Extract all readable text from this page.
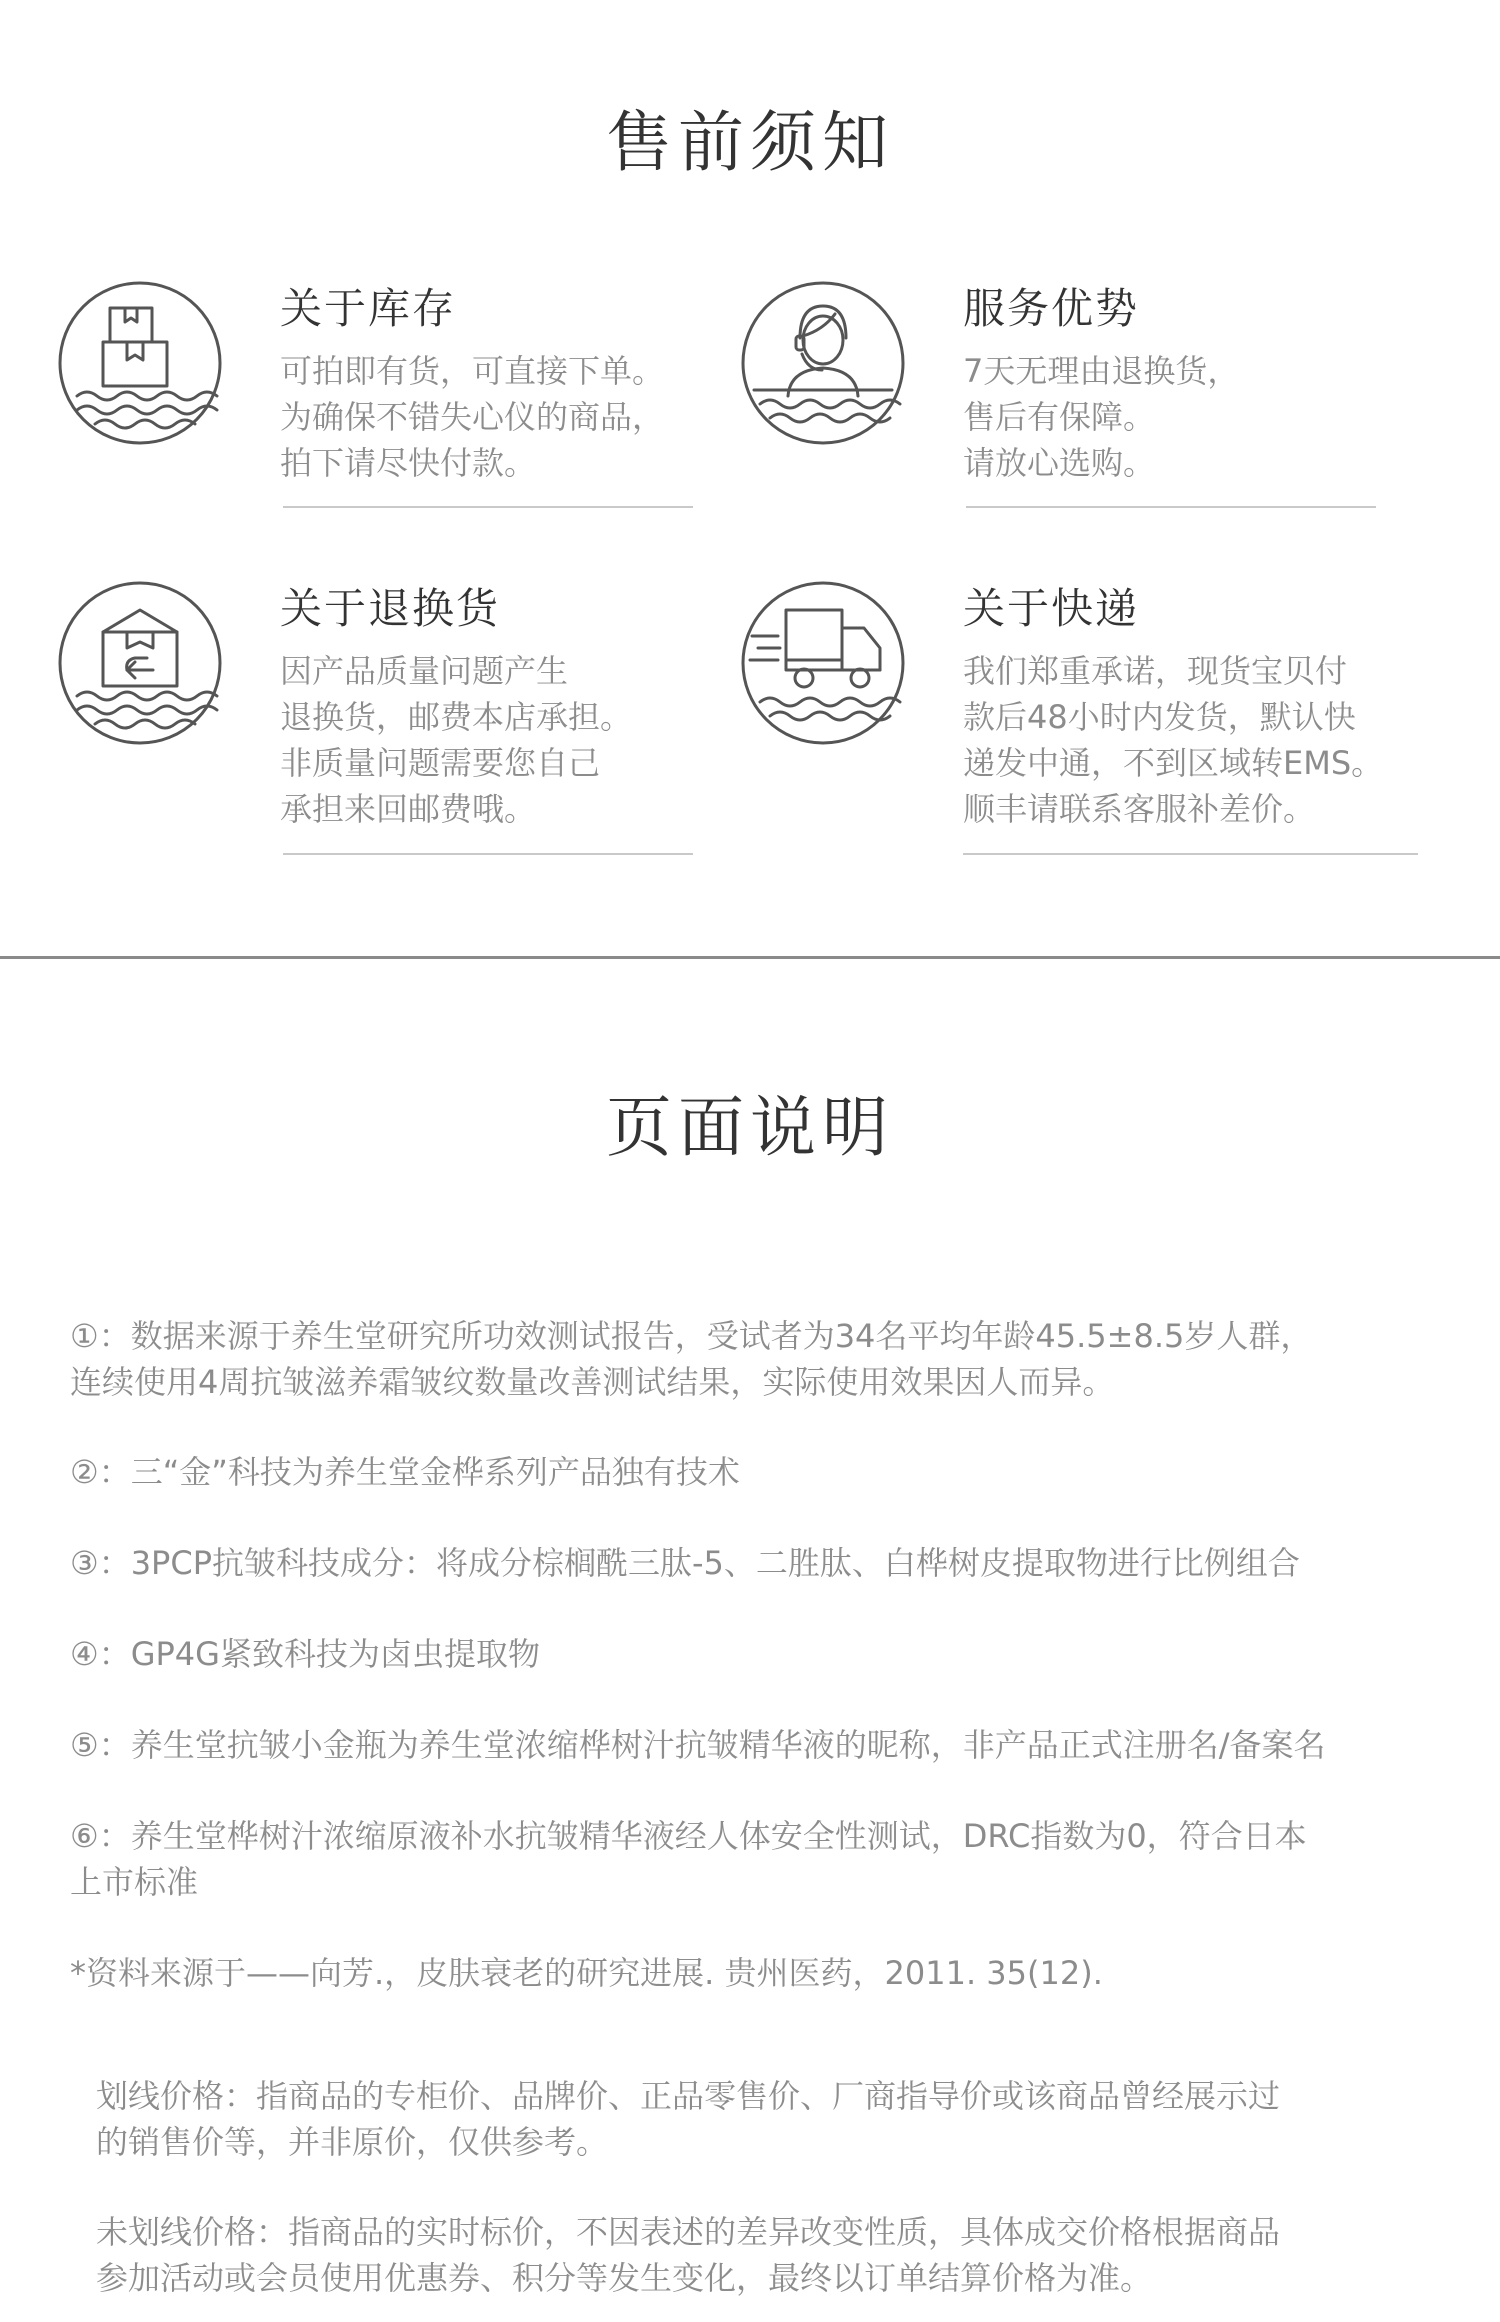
售前须知
关于库存
可拍即有货，可直接下单。
为确保不错失心仪的商品，
拍下请尽快付款。
服务优势
7天无理由退换货，
售后有保障。
请放心选购。
关于退换货
因产品质量问题产生
退换货，邮费本店承担。
非质量问题需要您自己
承担来回邮费哦。
关于快递
我们郑重承诺，现货宝贝付
款后48小时内发货，默认快
递发中通，不到区域转EMS。
顺丰请联系客服补差价。
页面说明
①：数据来源于养生堂研究所功效测试报告，受试者为34名平均年龄45.5±8.5岁人群，
连续使用4周抗皱滋养霜皱纹数量改善测试结果，实际使用效果因人而异。
②：三“金”科技为养生堂金桦系列产品独有技术
③：3PCP抗皱科技成分：将成分棕榈酰三肽-5、二胜肽、白桦树皮提取物进行比例组合
④：GP4G紧致科技为卤虫提取物
⑤：养生堂抗皱小金瓶为养生堂浓缩桦树汁抗皱精华液的昵称，非产品正式注册名/备案名
⑥：养生堂桦树汁浓缩原液补水抗皱精华液经人体安全性测试，DRC指数为0，符合日本
上市标准
*资料来源于——向芳.，皮肤衰老的研究进展. 贵州医药，2011. 35(12).
划线价格：指商品的专柜价、品牌价、正品零售价、厂商指导价或该商品曾经展示过
的销售价等，并非原价，仅供参考。
未划线价格：指商品的实时标价，不因表述的差异改变性质，具体成交价格根据商品
参加活动或会员使用优惠券、积分等发生变化，最终以订单结算价格为准。
